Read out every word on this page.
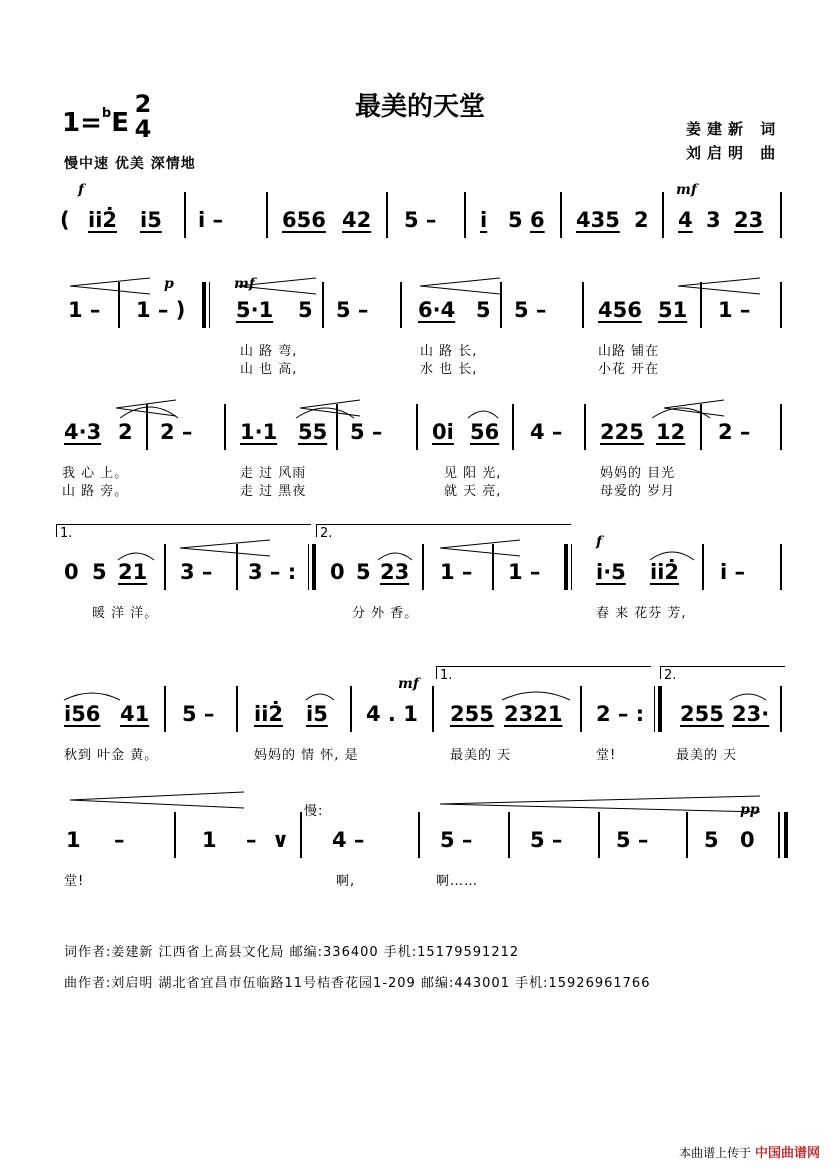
1=$^b$E
2
4
最美的天堂
姜建新 词
刘启明 曲
慢中速 优美 深情地
( i̇i̇2̇ i̇5 i̇ –	656 42 5 – i̇ 5 6 435 2 4 3 23
f	mf
1 – 1 – ) 5·1 5 5 – 6·4 5 5 – 456 51 1 –
p	mf
山 路 弯,
山 也 高,
山 路 长,
水 也 长,
山路 铺在
小花 开在
4·3 2 2 – 1·1 55 5 – 0i̇ 56 4 – 225 12 2 –
我 心 上。
山 路 旁。
走 过 风雨
走 过 黑夜
见 阳 光,
就 天 亮,
妈妈的 目光
母爱的 岁月
0 5 21 3 – 3 – : 0 5 23 1 – 1 –	i̇·5 i̇i̇2̇ i̇ –
1.	2.
f
暖 洋 洋。	分 外 香。	春 来 花芬 芳,
i̇56 41 5 – i̇i̇2̇ i̇5 4 . 1 255 2321 2 – : 255 23·
1.	2.
mf
秋到 叶金 黄。	妈妈的 情 怀, 是	最美的 天	堂!	最美的 天
1 –	1 – ∨ 4 –	5 –	5 –	5 –	5 0
pp
慢:
堂!	啊,	啊……
词作者:姜建新 江西省上高县文化局 邮编:336400 手机:15179591212
曲作者:刘启明 湖北省宜昌市伍临路11号桔香花园1-209 邮编:443001 手机:15926961766
本曲谱上传于 中国曲谱网
